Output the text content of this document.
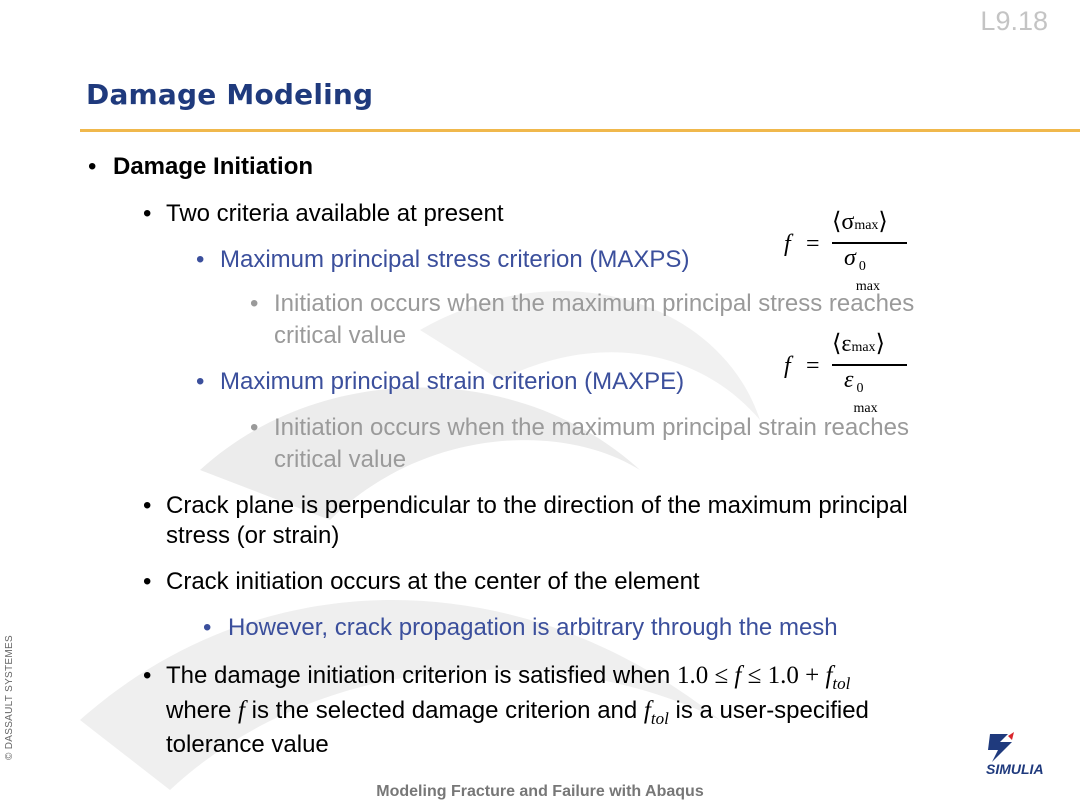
L9.18
Damage Modeling
• Damage Initiation
• Two criteria available at present
• Maximum principal stress criterion (MAXPS)
f =
⟨σmax⟩
σ 0
max
• Initiation occurs when the maximum principal stress reaches
critical value
• Maximum principal strain criterion (MAXPE)
f =
⟨εmax⟩
ε 0
max
• Initiation occurs when the maximum principal strain reaches
critical value
• Crack plane is perpendicular to the direction of the maximum principal
stress (or strain)
• Crack initiation occurs at the center of the element
• However, crack propagation is arbitrary through the mesh
• The damage initiation criterion is satisfied when $1.0 \le f \le 1.0 + f_{tol}$
where f is the selected damage criterion and $f_{tol}$ is a user-specified
tolerance value
Modeling Fracture and Failure with Abaqus
© DASSAULT SYSTEMES
SIMULIA
